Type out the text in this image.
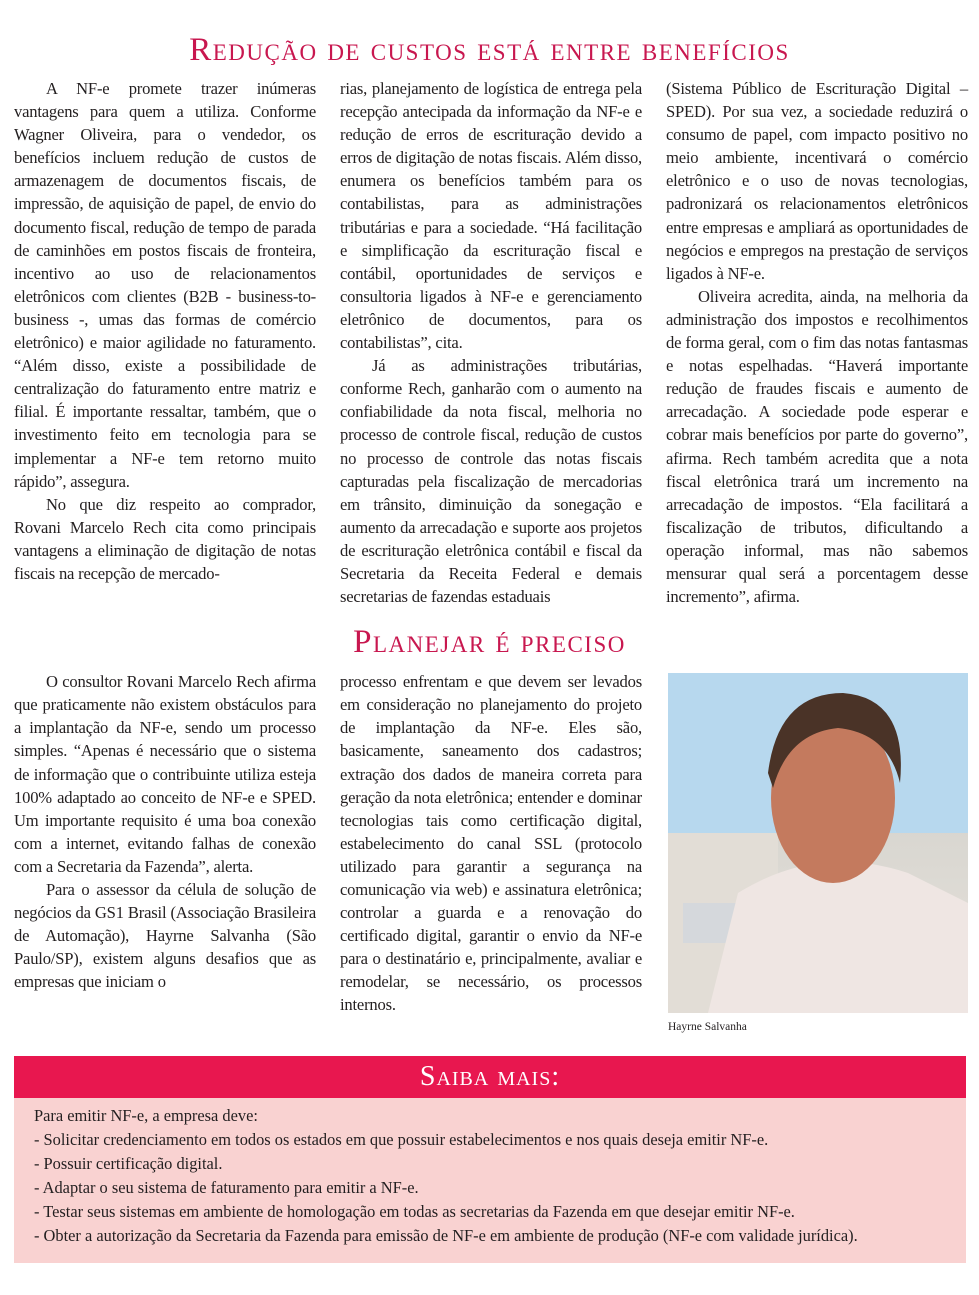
Redução de custos está entre benefícios

A NF-e promete trazer inúmeras vantagens para quem a utiliza. Conforme Wagner Oliveira, para o vendedor, os benefícios incluem redução de custos de armazenagem de documentos fiscais, de impressão, de aquisição de papel, de envio do documento fiscal, redução de tempo de parada de caminhões em postos fiscais de fronteira, incentivo ao uso de relacionamentos eletrônicos com clientes (B2B - business-to-business -, umas das formas de comércio eletrônico) e maior agilidade no faturamento. “Além disso, existe a possibilidade de centralização do faturamento entre matriz e filial. É importante ressaltar, também, que o investimento feito em tecnologia para se implementar a NF-e tem retorno muito rápido”, assegura.

No que diz respeito ao comprador, Rovani Marcelo Rech cita como principais vantagens a eliminação de digitação de notas fiscais na recepção de mercado-

rias, planejamento de logística de entrega pela recepção antecipada da informação da NF-e e redução de erros de escrituração devido a erros de digitação de notas fiscais. Além disso, enumera os benefícios também para os contabilistas, para as administrações tributárias e para a sociedade. “Há facilitação e simplificação da escrituração fiscal e contábil, oportunidades de serviços e consultoria ligados à NF-e e gerenciamento eletrônico de documentos, para os contabilistas”, cita.

Já as administrações tributárias, conforme Rech, ganharão com o aumento na confiabilidade da nota fiscal, melhoria no processo de controle fiscal, redução de custos no processo de controle das notas fiscais capturadas pela fiscalização de mercadorias em trânsito, diminuição da sonegação e aumento da arrecadação e suporte aos projetos de escrituração eletrônica contábil e fiscal da Secretaria da Receita Federal e demais secretarias de fazendas estaduais

(Sistema Público de Escrituração Digital – SPED). Por sua vez, a sociedade reduzirá o consumo de papel, com impacto positivo no meio ambiente, incentivará o comércio eletrônico e o uso de novas tecnologias, padronizará os relacionamentos eletrônicos entre empresas e ampliará as oportunidades de negócios e empregos na prestação de serviços ligados à NF-e.

Oliveira acredita, ainda, na melhoria da administração dos impostos e recolhimentos de forma geral, com o fim das notas fantasmas e notas espelhadas. “Haverá importante redução de fraudes fiscais e aumento de arrecadação. A sociedade pode esperar e cobrar mais benefícios por parte do governo”, afirma. Rech também acredita que a nota fiscal eletrônica trará um incremento na arrecadação de impostos. “Ela facilitará a fiscalização de tributos, dificultando a operação informal, mas não sabemos mensurar qual será a porcentagem desse incremento”, afirma.

Planejar é preciso

O consultor Rovani Marcelo Rech afirma que praticamente não existem obstáculos para a implantação da NF-e, sendo um processo simples. “Apenas é necessário que o sistema de informação que o contribuinte utiliza esteja 100% adaptado ao conceito de NF-e e SPED. Um importante requisito é uma boa conexão com a internet, evitando falhas de conexão com a Secretaria da Fazenda”, alerta.

Para o assessor da célula de solução de negócios da GS1 Brasil (Associação Brasileira de Automação), Hayrne Salvanha (São Paulo/SP), existem alguns desafios que as empresas que iniciam o

processo enfrentam e que devem ser levados em consideração no planejamento do projeto de implantação da NF-e. Eles são, basicamente, saneamento dos cadastros; extração dos dados de maneira correta para geração da nota eletrônica; entender e dominar tecnologias tais como certificação digital, estabelecimento do canal SSL (protocolo utilizado para garantir a segurança na comunicação via web) e assinatura eletrônica; controlar a guarda e a renovação do certificado digital, garantir o envio da NF-e para o destinatário e, principalmente, avaliar e remodelar, se necessário, os processos internos.

Hayrne Salvanha
Saiba mais:
Para emitir NF-e, a empresa deve:
- Solicitar credenciamento em todos os estados em que possuir estabelecimentos e nos quais deseja emitir NF-e.
- Possuir certificação digital.
- Adaptar o seu sistema de faturamento para emitir a NF-e.
- Testar seus sistemas em ambiente de homologação em todas as secretarias da Fazenda em que desejar emitir NF-e.
- Obter a autorização da Secretaria da Fazenda para emissão de NF-e em ambiente de produção (NF-e com validade jurídica).
